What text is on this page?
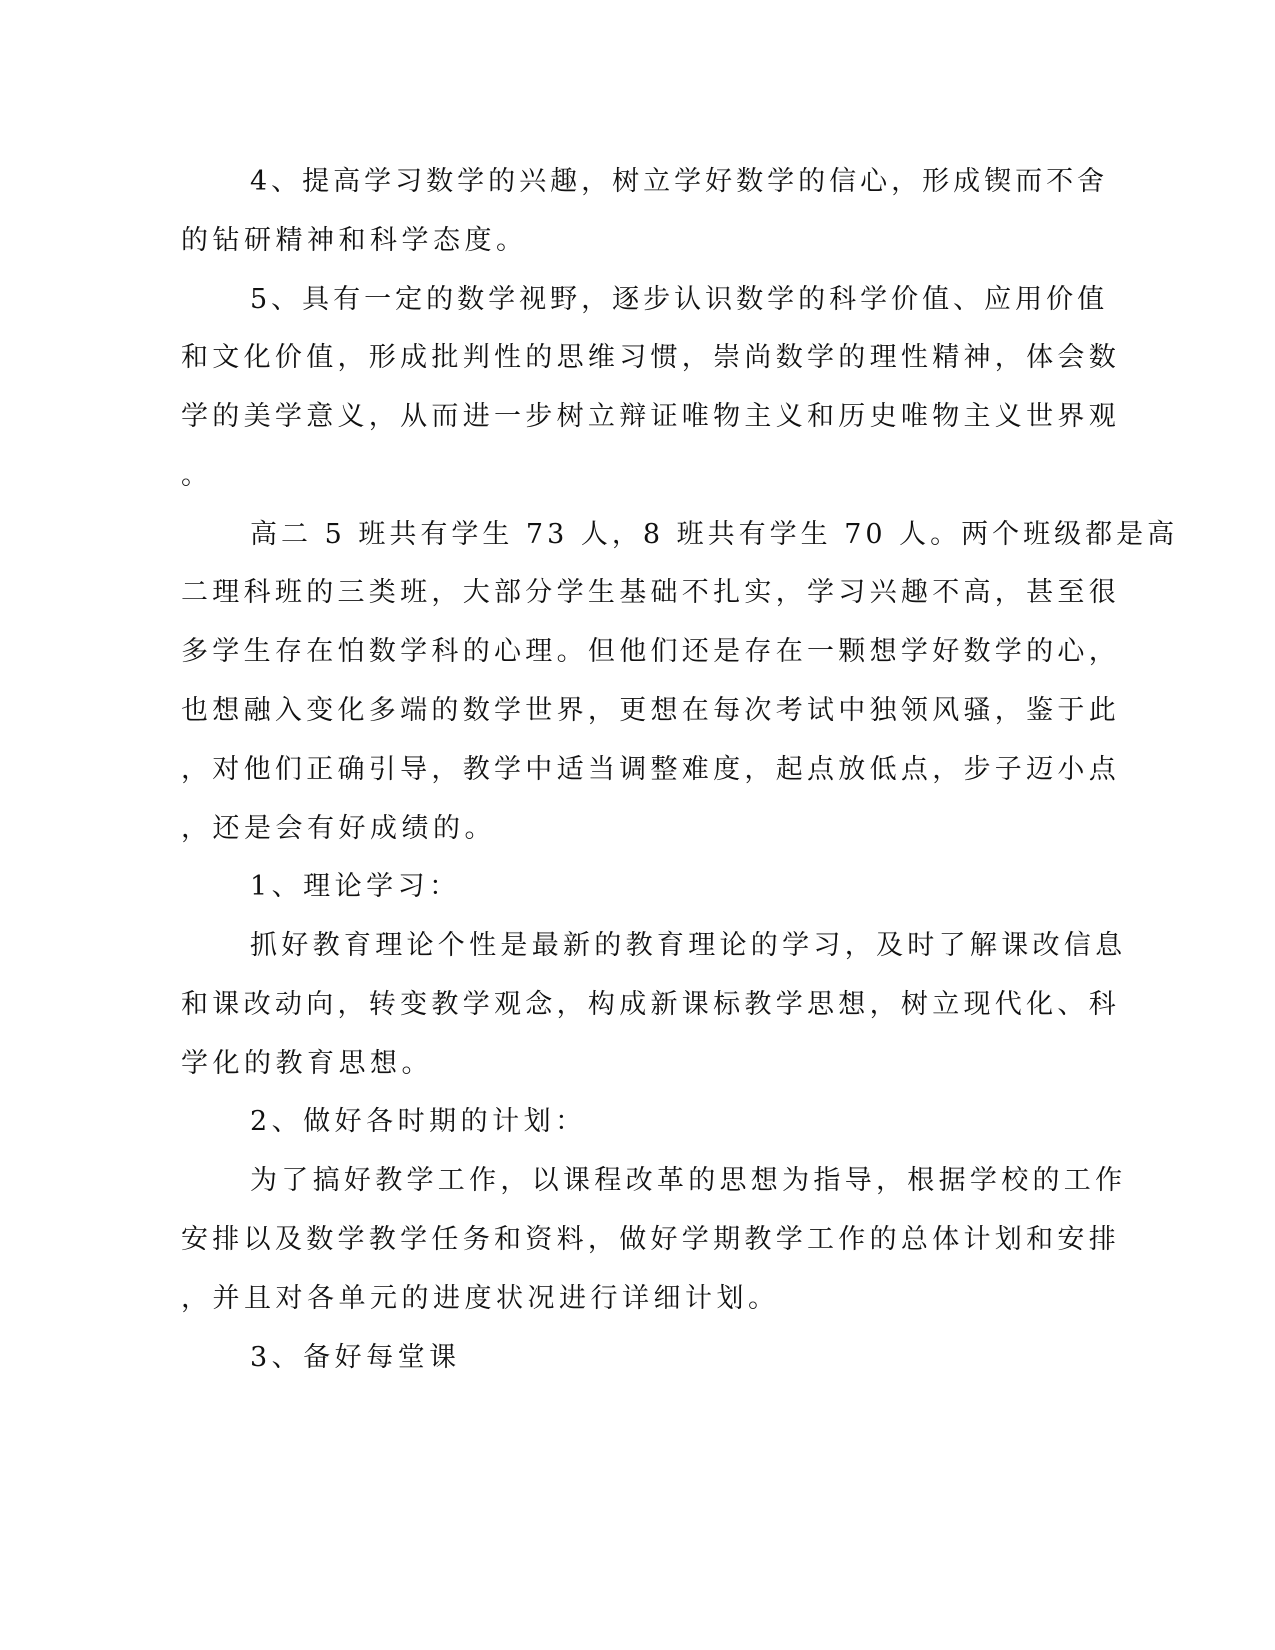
4、提高学习数学的兴趣，树立学好数学的信心，形成锲而不舍
的钻研精神和科学态度。
5、具有一定的数学视野，逐步认识数学的科学价值、应用价值
和文化价值，形成批判性的思维习惯，崇尚数学的理性精神，体会数
学的美学意义，从而进一步树立辩证唯物主义和历史唯物主义世界观
。
高二 5 班共有学生 73 人，8 班共有学生 70 人。两个班级都是高
二理科班的三类班，大部分学生基础不扎实，学习兴趣不高，甚至很
多学生存在怕数学科的心理。但他们还是存在一颗想学好数学的心，
也想融入变化多端的数学世界，更想在每次考试中独领风骚，鉴于此
，对他们正确引导，教学中适当调整难度，起点放低点，步子迈小点
，还是会有好成绩的。
1、理论学习：
抓好教育理论个性是最新的教育理论的学习，及时了解课改信息
和课改动向，转变教学观念，构成新课标教学思想，树立现代化、科
学化的教育思想。
2、做好各时期的计划：
为了搞好教学工作，以课程改革的思想为指导，根据学校的工作
安排以及数学教学任务和资料，做好学期教学工作的总体计划和安排
，并且对各单元的进度状况进行详细计划。
3、备好每堂课
